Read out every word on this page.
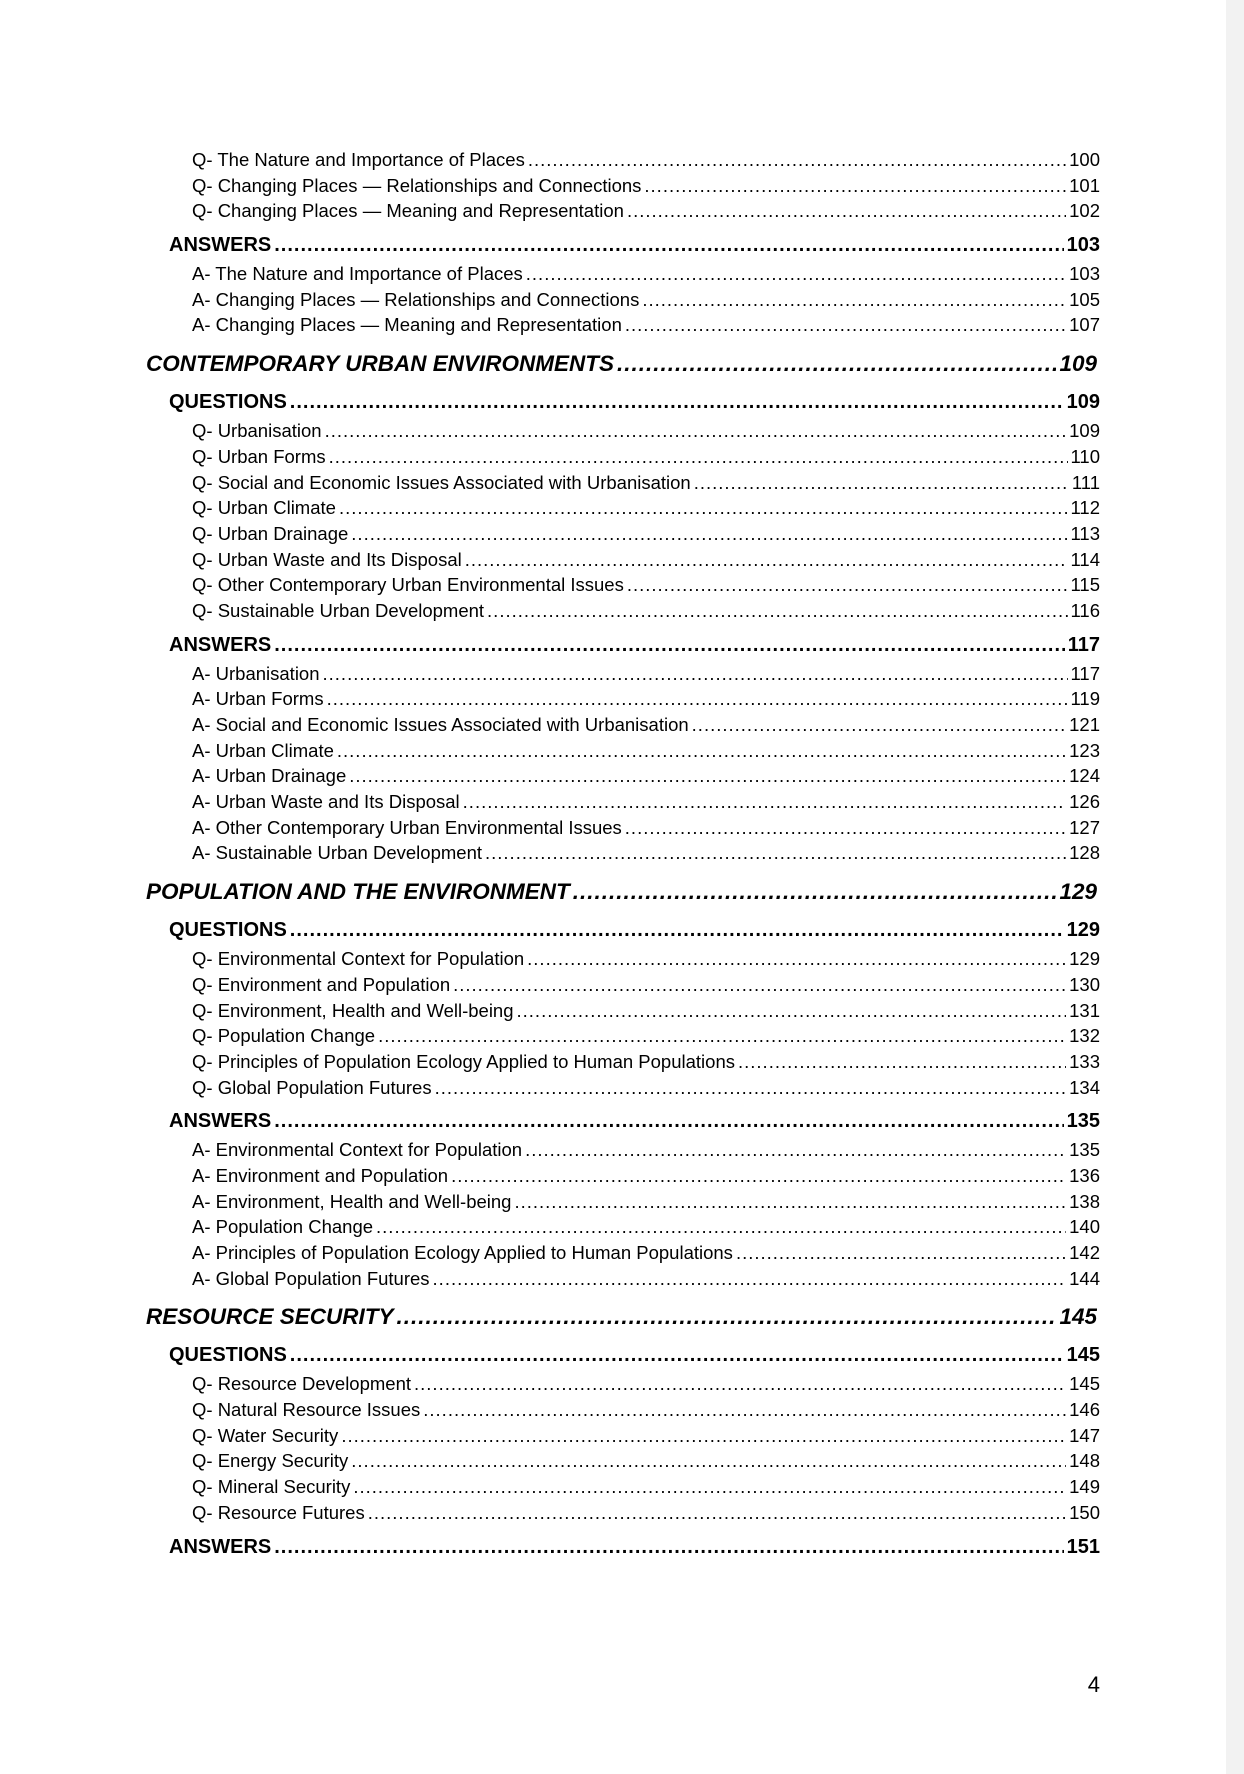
Q- The Nature and Importance of Places .....	100
Q- Changing Places — Relationships and Connections .....	101
Q- Changing Places — Meaning and Representation .....	102
ANSWERS .....	103
A- The Nature and Importance of Places .....	103
A- Changing Places — Relationships and Connections .....	105
A- Changing Places — Meaning and Representation .....	107
CONTEMPORARY URBAN ENVIRONMENTS .....	109
QUESTIONS .....	109
Q- Urbanisation .....	109
Q- Urban Forms .....	110
Q- Social and Economic Issues Associated with Urbanisation .....	111
Q- Urban Climate .....	112
Q- Urban Drainage .....	113
Q- Urban Waste and Its Disposal .....	114
Q- Other Contemporary Urban Environmental Issues .....	115
Q- Sustainable Urban Development .....	116
ANSWERS .....	117
A- Urbanisation .....	117
A- Urban Forms .....	119
A- Social and Economic Issues Associated with Urbanisation .....	121
A- Urban Climate .....	123
A- Urban Drainage .....	124
A- Urban Waste and Its Disposal .....	126
A- Other Contemporary Urban Environmental Issues .....	127
A- Sustainable Urban Development .....	128
POPULATION AND THE ENVIRONMENT .....	129
QUESTIONS .....	129
Q- Environmental Context for Population .....	129
Q- Environment and Population .....	130
Q- Environment, Health and Well-being .....	131
Q- Population Change .....	132
Q- Principles of Population Ecology Applied to Human Populations .....	133
Q- Global Population Futures .....	134
ANSWERS .....	135
A- Environmental Context for Population .....	135
A- Environment and Population .....	136
A- Environment, Health and Well-being .....	138
A- Population Change .....	140
A- Principles of Population Ecology Applied to Human Populations .....	142
A- Global Population Futures .....	144
RESOURCE SECURITY .....	145
QUESTIONS .....	145
Q- Resource Development .....	145
Q- Natural Resource Issues .....	146
Q- Water Security .....	147
Q- Energy Security .....	148
Q- Mineral Security .....	149
Q- Resource Futures .....	150
ANSWERS .....	151
4
